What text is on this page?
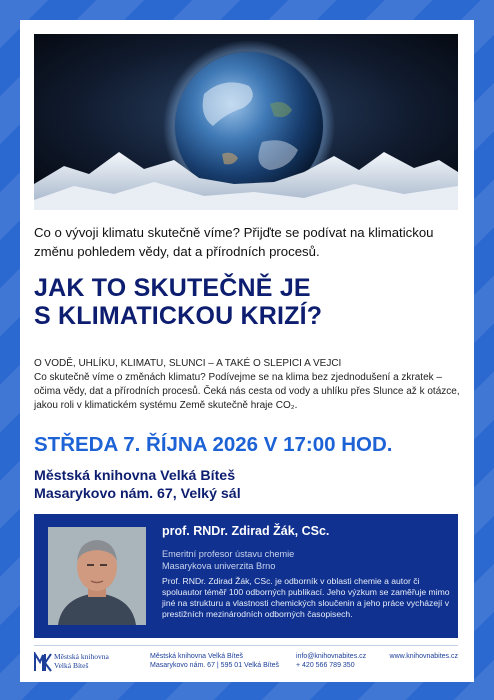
Co o vývoji klimatu skutečně víme? Přijďte se podívat na klimatickou změnu pohledem vědy, dat a přírodních procesů.
JAK TO SKUTEČNĚ JE
S KLIMATICKOU KRIZÍ?
O VODĚ, UHLÍKU, KLIMATU, SLUNCI – A TAKÉ O SLEPICI A VEJCI
Co skutečně víme o změnách klimatu? Podívejme se na klima bez zjednodušení a zkratek – očima vědy, dat a přírodních procesů. Čeká nás cesta od vody a uhlíku přes Slunce až k otázce, jakou roli v klimatickém systému Země skutečně hraje CO₂.
STŘEDA 7. ŘÍJNA 2026 V 17:00 HOD.
Městská knihovna Velká Bíteš
Masarykovo nám. 67, Velký sál
prof. RNDr. Zdirad Žák, CSc.
Emeritní profesor ústavu chemie
Masarykova univerzita Brno
Prof. RNDr. Zdirad Žák, CSc. je odborník v oblasti chemie a autor či spoluautor téměř 100 odborných publikací. Jeho výzkum se zaměřuje mimo jiné na strukturu a vlastnosti chemických sloučenin a jeho práce vycházejí v prestižních mezinárodních odborných časopisech.
Městská knihovna
Velká Bíteš
Městská knihovna Velká Bíteš
Masarykovo nám. 67 | 595 01 Velká Bíteš
info@knihovnabites.cz
+ 420 566 789 350
www.knihovnabites.cz
